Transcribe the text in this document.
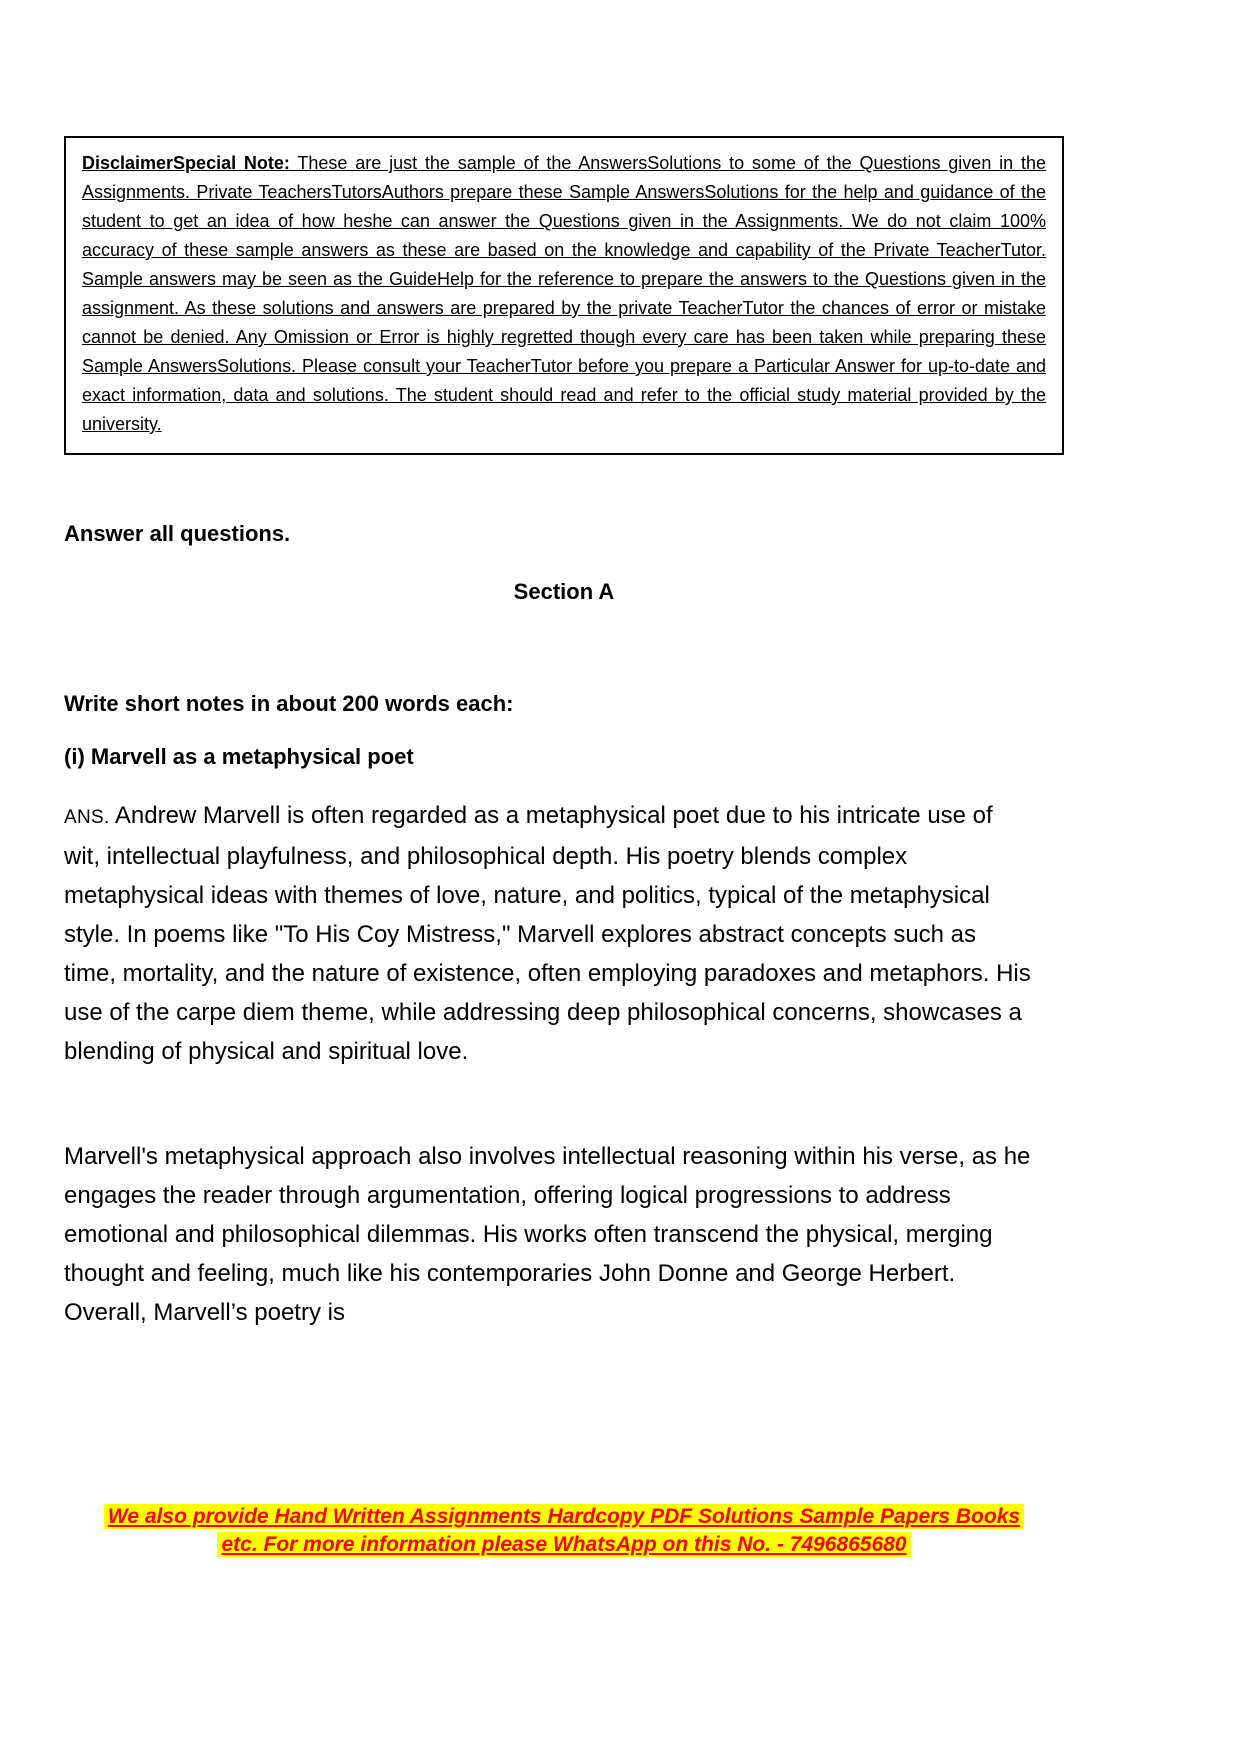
DisclaimerSpecial Note: These are just the sample of the AnswersSolutions to some of the Questions given in the Assignments. Private TeachersTutorsAuthors prepare these Sample AnswersSolutions for the help and guidance of the student to get an idea of how heshe can answer the Questions given in the Assignments. We do not claim 100% accuracy of these sample answers as these are based on the knowledge and capability of the Private TeacherTutor. Sample answers may be seen as the GuideHelp for the reference to prepare the answers to the Questions given in the assignment. As these solutions and answers are prepared by the private TeacherTutor the chances of error or mistake cannot be denied. Any Omission or Error is highly regretted though every care has been taken while preparing these Sample AnswersSolutions. Please consult your TeacherTutor before you prepare a Particular Answer for up-to-date and exact information, data and solutions. The student should read and refer to the official study material provided by the university.

Answer all questions.
Section A
Write short notes in about 200 words each:
(i) Marvell as a metaphysical poet

ANS. Andrew Marvell is often regarded as a metaphysical poet due to his intricate use of wit, intellectual playfulness, and philosophical depth. His poetry blends complex metaphysical ideas with themes of love, nature, and politics, typical of the metaphysical style. In poems like "To His Coy Mistress," Marvell explores abstract concepts such as time, mortality, and the nature of existence, often employing paradoxes and metaphors. His use of the carpe diem theme, while addressing deep philosophical concerns, showcases a blending of physical and spiritual love.

Marvell's metaphysical approach also involves intellectual reasoning within his verse, as he engages the reader through argumentation, offering logical progressions to address emotional and philosophical dilemmas. His works often transcend the physical, merging thought and feeling, much like his contemporaries John Donne and George Herbert. Overall, Marvell’s poetry is

We also provide Hand Written Assignments Hardcopy PDF Solutions Sample Papers Books
etc. For more information please WhatsApp on this No. - 7496865680
